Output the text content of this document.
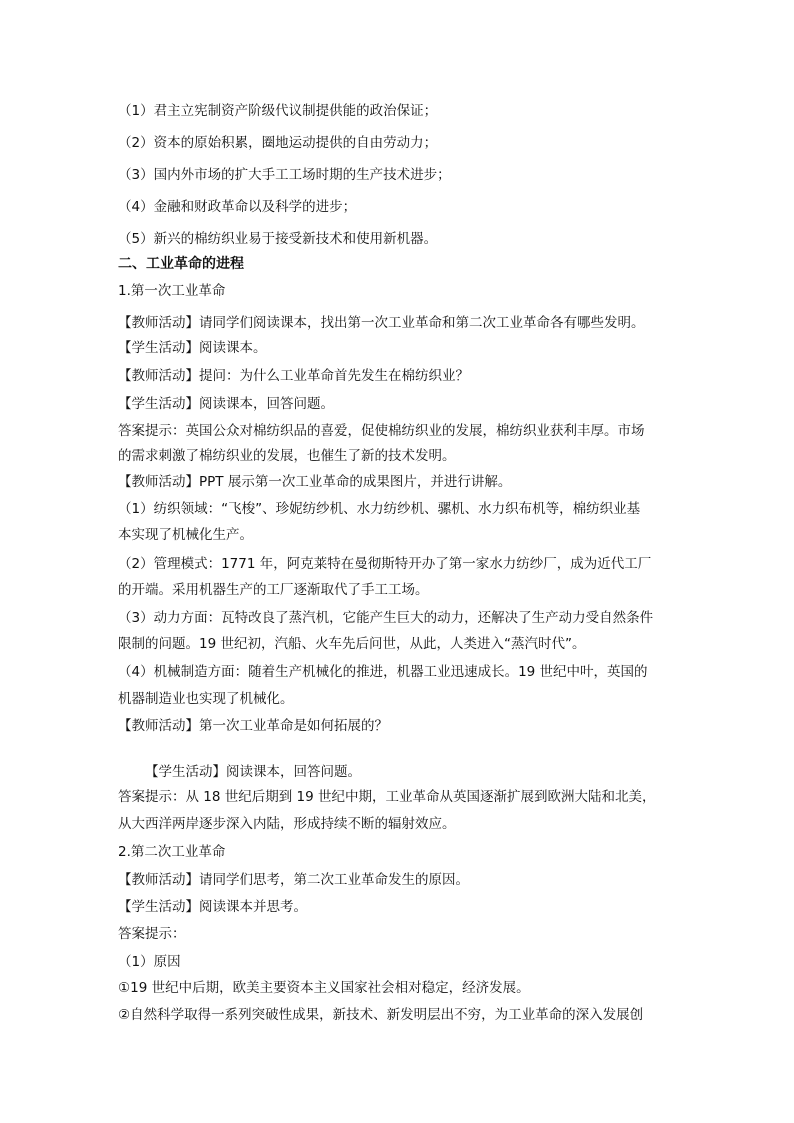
（1）君主立宪制资产阶级代议制提供能的政治保证；
（2）资本的原始积累，圈地运动提供的自由劳动力；
（3）国内外市场的扩大手工工场时期的生产技术进步；
（4）金融和财政革命以及科学的进步；
（5）新兴的棉纺织业易于接受新技术和使用新机器。
二、工业革命的进程
1.第一次工业革命
【教师活动】请同学们阅读课本，找出第一次工业革命和第二次工业革命各有哪些发明。
【学生活动】阅读课本。
【教师活动】提问：为什么工业革命首先发生在棉纺织业？
【学生活动】阅读课本，回答问题。
答案提示：英国公众对棉纺织品的喜爱，促使棉纺织业的发展，棉纺织业获利丰厚。市场
的需求刺激了棉纺织业的发展，也催生了新的技术发明。
【教师活动】PPT 展示第一次工业革命的成果图片，并进行讲解。
（1）纺织领域：“飞梭”、珍妮纺纱机、水力纺纱机、骡机、水力织布机等，棉纺织业基
本实现了机械化生产。
（2）管理模式：1771 年，阿克莱特在曼彻斯特开办了第一家水力纺纱厂，成为近代工厂
的开端。采用机器生产的工厂逐渐取代了手工工场。
（3）动力方面：瓦特改良了蒸汽机，它能产生巨大的动力，还解决了生产动力受自然条件
限制的问题。19 世纪初，汽船、火车先后问世，从此，人类进入“蒸汽时代”。
（4）机械制造方面：随着生产机械化的推进，机器工业迅速成长。19 世纪中叶，英国的
机器制造业也实现了机械化。
【教师活动】第一次工业革命是如何拓展的？
【学生活动】阅读课本，回答问题。
答案提示：从 18 世纪后期到 19 世纪中期，工业革命从英国逐渐扩展到欧洲大陆和北美，
从大西洋两岸逐步深入内陆，形成持续不断的辐射效应。
2.第二次工业革命
【教师活动】请同学们思考，第二次工业革命发生的原因。
【学生活动】阅读课本并思考。
答案提示：
（1）原因
①19 世纪中后期，欧美主要资本主义国家社会相对稳定，经济发展。
②自然科学取得一系列突破性成果，新技术、新发明层出不穷，为工业革命的深入发展创
